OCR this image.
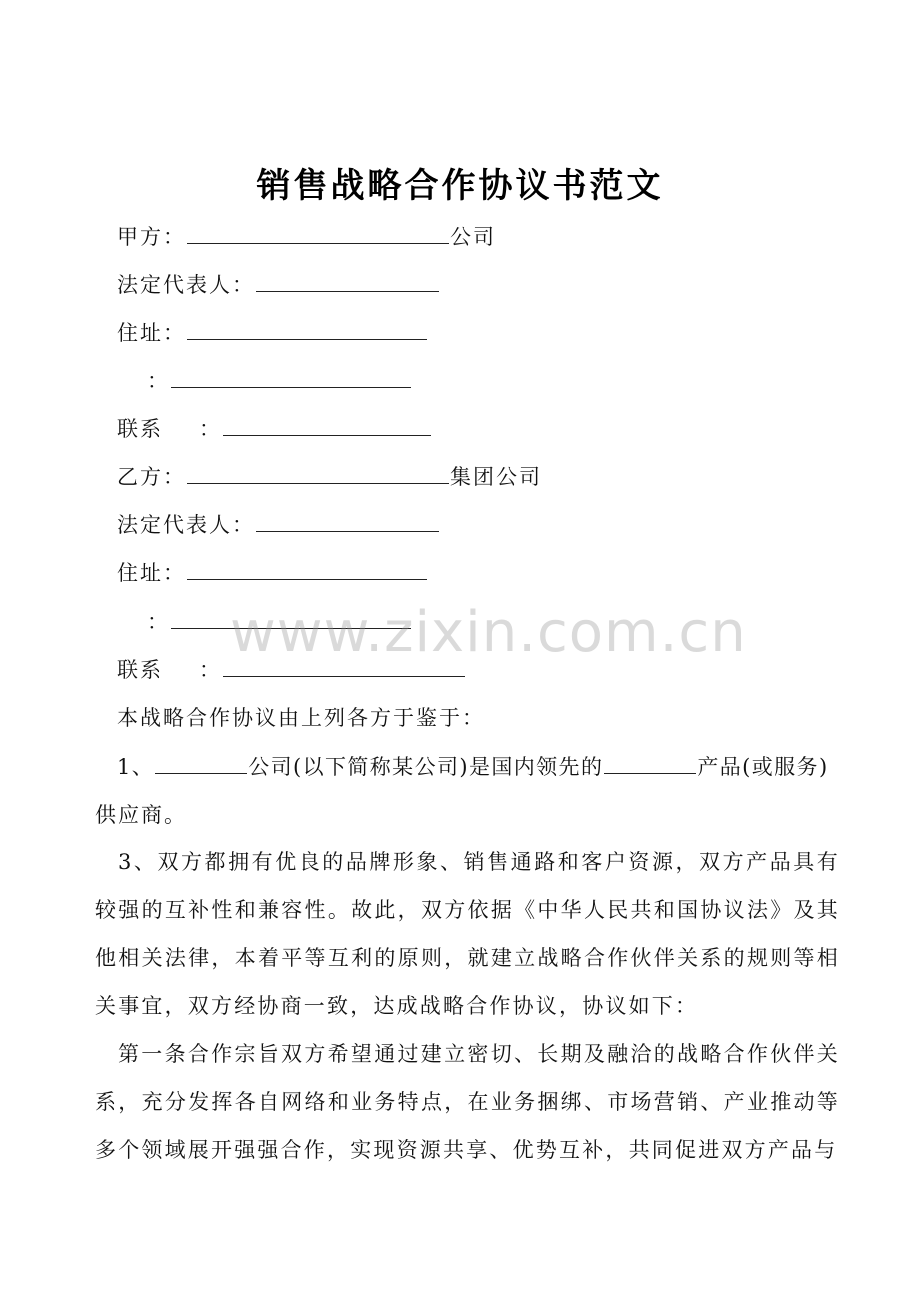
销售战略合作协议书范文
甲方：	公司
法定代表人：
住址：
：
联系 ：
乙方：	集团公司
法定代表人：
住址：
：
联系 ：
本战略合作协议由上列各方于鉴于：
1、	公司(以下简称某公司)是国内领先的	产品(或服务)
供应商。
3、双方都拥有优良的品牌形象、销售通路和客户资源，双方产品具有较强的互补性和兼容性。故此，双方依据《中华人民共和国协议法》及其他相关法律，本着平等互利的原则，就建立战略合作伙伴关系的规则等相关事宜，双方经协商一致，达成战略合作协议，协议如下：
第一条合作宗旨双方希望通过建立密切、长期及融洽的战略合作伙伴关系，充分发挥各自网络和业务特点，在业务捆绑、市场营销、产业推动等多个领域展开强强合作，实现资源共享、优势互补，共同促进双方产品与
www.zixin.com.cn
